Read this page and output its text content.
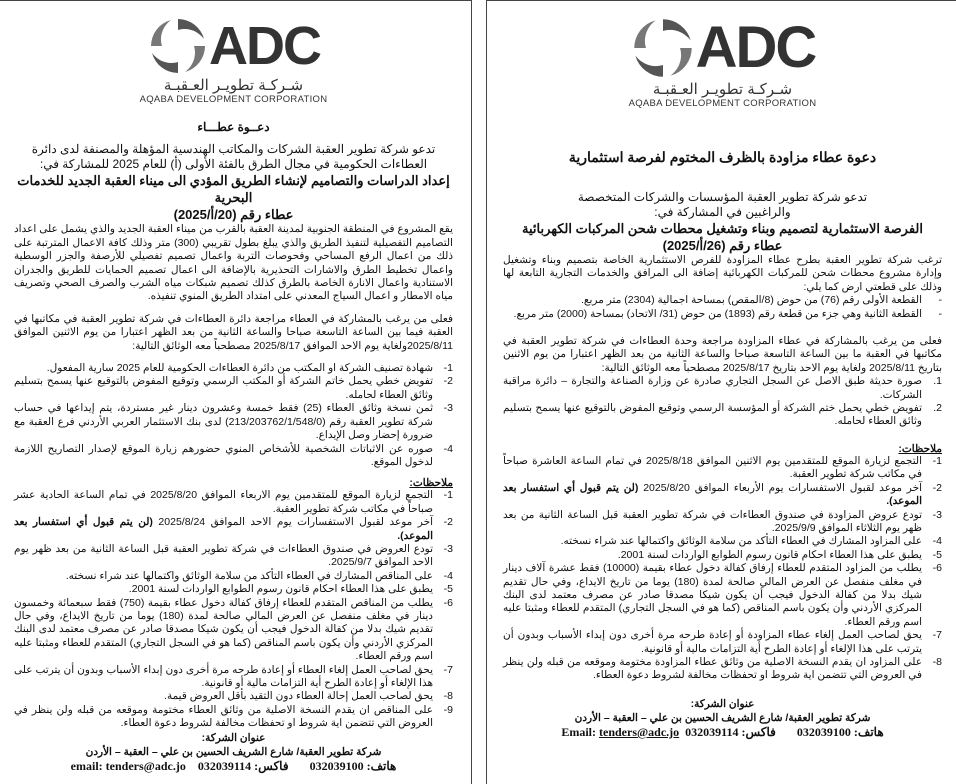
ADC
شـركـة تطويـر العـقبـة
AQABA DEVELOPMENT CORPORATION

دعــوة عطـــاء

تدعو شركة تطوير العقبة الشركات والمكاتب الهندسية المؤهلة والمصنفة لدى دائرة العطاءات الحكومية في مجال الطرق بالفئة الأولى (أ) للعام 2025 للمشاركة في:

إعداد الدراسات والتصاميم لإنشاء الطريق المؤدي الى ميناء العقبة الجديد للخدمات البحرية

عطاء رقم (20/أ/2025)

يقع المشروع في المنطقة الجنوبية لمدينة العقبة بالقرب من ميناء العقبة الجديد والذي يشمل على اعداد التصاميم التفصيلية لتنفيذ الطريق والذي يبلغ بطول تقريبي (300) متر وذلك كافة الاعمال المترتبة على ذلك من اعمال الرفع المساحي وفحوصات التربة واعمال تصميم تفصيلي للأرصفة والجزر الوسطية واعمال تخطيط الطرق والاشارات التحذيرية بالإضافة الى اعمال تصميم الحمايات للطريق والجدران الاستنادية واعمال الانارة الخاصة بالطرق كذلك تصميم شبكات مياه الشرب والصرف الصحي وتصريف مياه الامطار و اعمال السياج المعدني على امتداد الطريق المنوي تنفيذه.

فعلى من يرغب بالمشاركة في العطاء مراجعة دائرة العطاءات في شركة تطوير العقبة في مكاتبها في العقبة فيما بين الساعة التاسعة صباحا والساعة الثانية من بعد الظهر اعتبارا من يوم الاثنين الموافق 2025/8/11ولغاية يوم الاحد الموافق 2025/8/17 مصطحباً معه الوثائق التالية:

1-
شهادة تصنيف الشركة او المكتب من دائرة العطاءات الحكومية للعام 2025 سارية المفعول.
2-
تفويض خطي يحمل خاتم الشركة أو المكتب الرسمي وتوقيع المفوض بالتوقيع عنها يسمح بتسليم وثائق العطاء لحامله.
3-
ثمن نسخة وثائق العطاء (25) فقط خمسة وعشرون دينار غير مستردة، يتم إيداعها في حساب شركة تطوير العقبة رقم (213/203762/1/548/0) لدى بنك الاستثمار العربي الأردني فرع العقبة مع ضرورة إحضار وصل الإيداع.
4-
صوره عن الاثباتات الشخصية للأشخاص المنوي حضورهم زيارة الموقع لإصدار التصاريح اللازمة لدخول الموقع.
ملاحظات:
1-
التجمع لزيارة الموقع للمتقدمين يوم الاربعاء الموافق 2025/8/20 في تمام الساعة الحادية عشر صباحاً في مكاتب شركة تطوير العقبة.
2-
آخر موعد لقبول الاستفسارات يوم الاحد الموافق 2025/8/24 (لن يتم قبول أي استفسار بعد الموعد).
3-
تودع العروض في صندوق العطاءات في شركة تطوير العقبة قبل الساعة الثانية من بعد ظهر يوم الاحد الموافق 2025/9/7.
4-
على المناقص المشارك في العطاء التأكد من سلامة الوثائق واكتمالها عند شراء نسخته.
5-
يطبق على هذا العطاء احكام قانون رسوم الطوابع الواردات لسنة 2001.
6-
يطلب من المناقص المتقدم للعطاء إرفاق كفالة دخول عطاء بقيمة (750) فقط سبعمائة وخمسون دينار في مغلف منفصل عن العرض المالي صالحة لمدة (180) يوما من تاريخ الايداع، وفي حال تقديم شيك بدلا من كفالة الدخول فيجب أن يكون شيكا مصدقا صادر عن مصرف معتمد لدى البنك المركزي الأردني وأن يكون باسم المناقص (كما هو في السجل التجاري) المتقدم للعطاء ومثبتا عليه اسم ورقم العطاء.
7-
يحق لصاحب العمل إلغاء العطاء أو إعادة طرحه مرة أخرى دون إبداء الأسباب وبدون أن يترتب على هذا الإلغاء أو إعادة الطرح أية التزامات مالية أو قانونية.
8-
يحق لصاحب العمل إحالة العطاء دون التقيد بأقل العروض قيمة.
9-
على المناقص ان يقدم النسخة الاصلية من وثائق العطاء مختومة وموقعه من قبله ولن ينظر في العروض التي تتضمن اية شروط او تحفظات مخالفة لشروط دعوة العطاء.
عنوان الشركة:
شركة تطوير العقبة/ شارع الشريف الحسين بن علي – العقبة – الأردن
email: tenders@adc.jo 032039114 فاكس: 032039100 هاتف:
ADC
شـركـة تطويـر العـقبـة
AQABA DEVELOPMENT CORPORATION

دعوة عطاء مزاودة بالظرف المختوم لفرصة استثمارية

تدعو شركة تطوير العقبة المؤسسات والشركات المتخصصة

والراغبين في المشاركة في:

الفرصة الاستثمارية لتصميم وبناء وتشغيل محطات شحن المركبات الكهربائية

عطاء رقم (26/أ/2025)

ترغب شركة تطوير العقبة بطرح عطاء المزاودة للفرص الاستثمارية الخاصة بتصميم وبناء وتشغيل وإدارة مشروع محطات شحن للمركبات الكهربائية إضافة الى المرافق والخدمات التجارية التابعة لها وذلك على قطعتي ارض كما يلي:

-
القطعة الأولى رقم (76) من حوض (8/المقص) بمساحة اجمالية (2304) متر مربع.
-
القطعة الثانية وهي جزء من قطعة رقم (1893) من حوض (31/ الاتحاد) بمساحة (2000) متر مربع.

فعلى من يرغب بالمشاركة في عطاء المزاودة مراجعة وحدة العطاءات في شركة تطوير العقبة في مكاتبها في العقبة ما بين الساعة التاسعة صباحا والساعة الثانية من بعد الظهر اعتبارا من يوم الاثنين بتاريخ 2025/8/11 ولغاية يوم الاحد بتاريخ 2025/8/17 مصطحباً معه الوثائق التالية:

1.
صورة حديثة طبق الاصل عن السجل التجاري صادرة عن وزارة الصناعة والتجارة – دائرة مراقبة الشركات.
2.
تفويض خطي يحمل ختم الشركة أو المؤسسة الرسمي وتوقيع المفوض بالتوقيع عنها يسمح بتسليم وثائق العطاء لحامله.
ملاحظات:
1-
التجمع لزيارة الموقع للمتقدمين يوم الاثنين الموافق 2025/8/18 في تمام الساعة العاشرة صباحاً في مكاتب شركة تطوير العقبة.
2-
آخر موعد لقبول الاستفسارات يوم الأربعاء الموافق 2025/8/20 (لن يتم قبول أي استفسار بعد الموعد).
3-
تودع عروض المزاودة في صندوق العطاءات في شركة تطوير العقبة قبل الساعة الثانية من بعد ظهر يوم الثلاثاء الموافق 2025/9/9.
4-
على المزاود المشارك في العطاء التأكد من سلامة الوثائق واكتمالها عند شراء نسخته.
5-
يطبق على هذا العطاء احكام قانون رسوم الطوابع الواردات لسنة 2001.
6-
يطلب من المزاود المتقدم للعطاء إرفاق كفالة دخول عطاء بقيمة (10000) فقط عشرة آلاف دينار في مغلف منفصل عن العرض المالي صالحة لمدة (180) يوما من تاريخ الايداع، وفي حال تقديم شيك بدلا من كفالة الدخول فيجب أن يكون شيكا مصدقا صادر عن مصرف معتمد لدى البنك المركزي الأردني وأن يكون باسم المناقص (كما هو في السجل التجاري) المتقدم للعطاء ومثبتا عليه اسم ورقم العطاء.
7-
يحق لصاحب العمل إلغاء عطاء المزاودة أو إعادة طرحه مرة أخرى دون إبداء الأسباب وبدون أن يترتب على هذا الإلغاء أو إعادة الطرح أية التزامات مالية أو قانونية.
8-
على المزاود ان يقدم النسخة الاصلية من وثائق عطاء المزاودة مختومة وموقعه من قبله ولن ينظر في العروض التي تتضمن اية شروط او تحفظات مخالفة لشروط دعوة العطاء.
عنوان الشركة:
شركة تطوير العقبة/ شارع الشريف الحسين بن علي – العقبة – الأردن
Email: tenders@adc.jo 032039114 فاكس: 032039100 هاتف:
